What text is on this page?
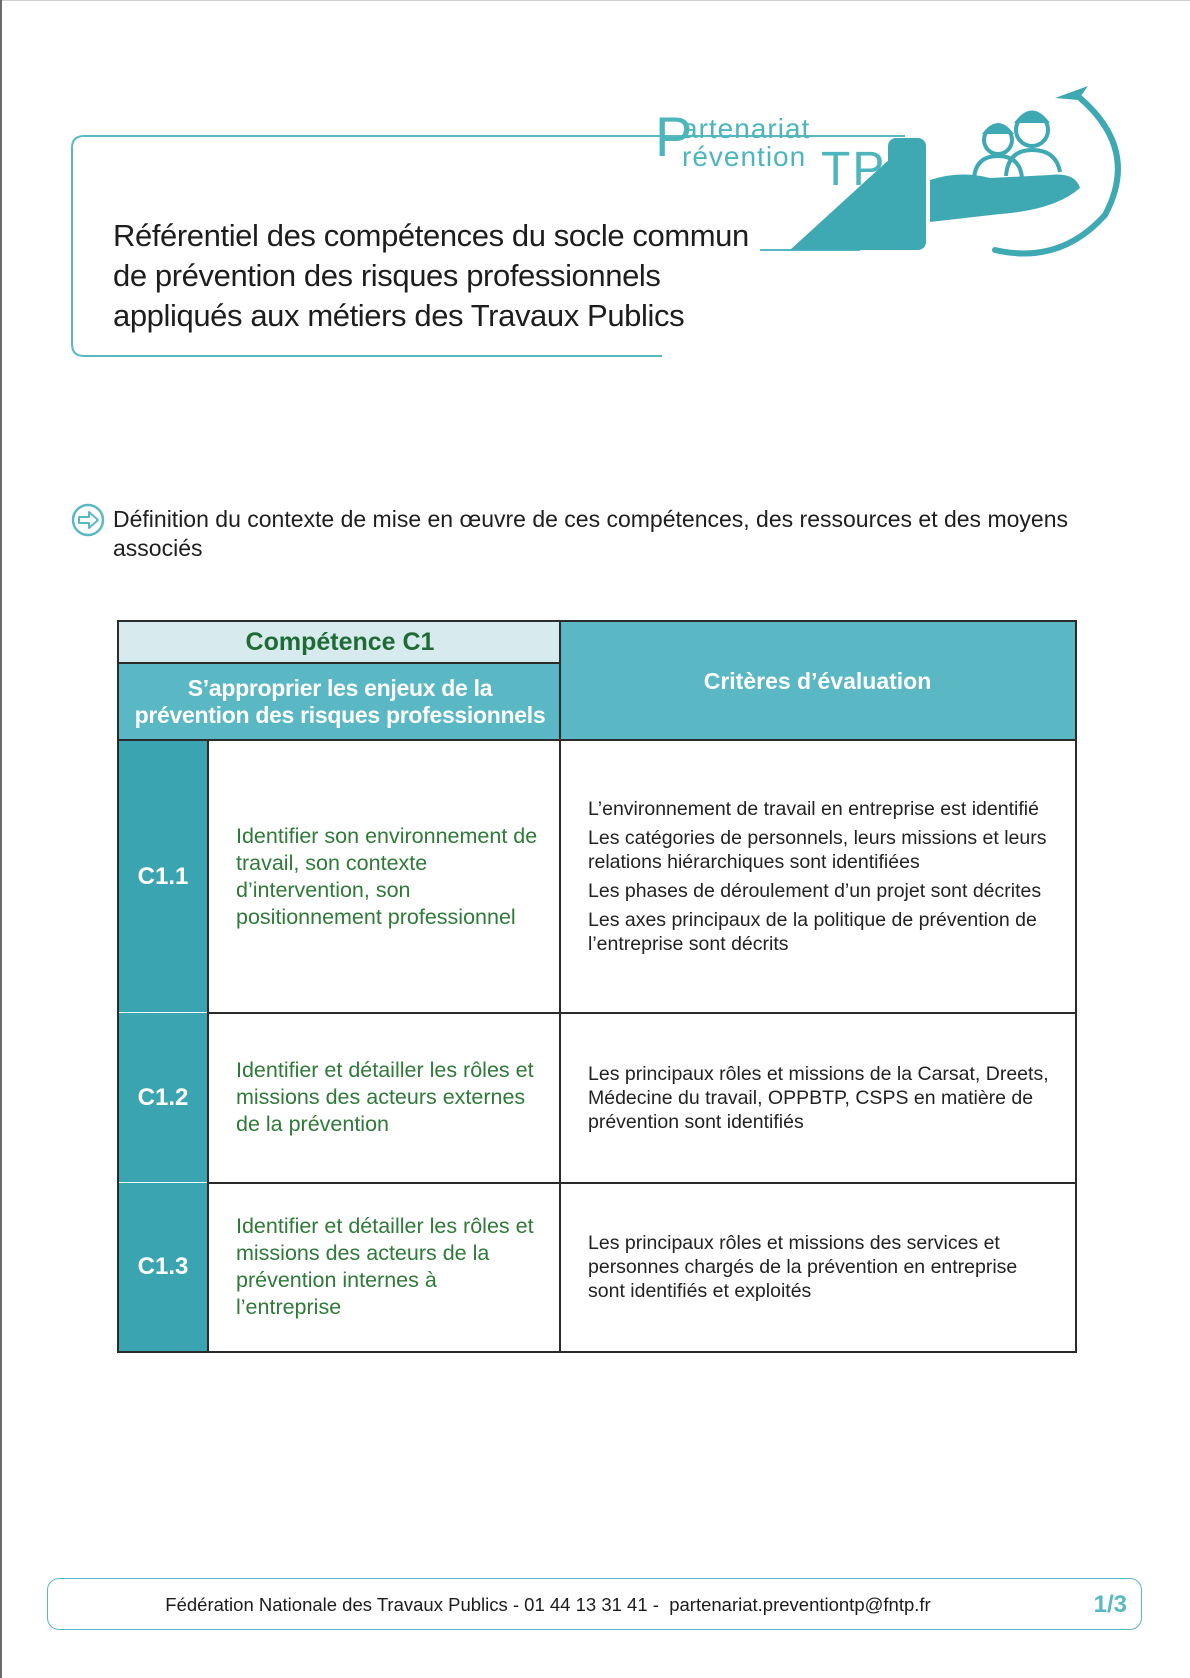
P
artenariat
révention TP
Référentiel des compétences du socle commun
de prévention des risques professionnels
appliqués aux métiers des Travaux Publics
Définition du contexte de mise en œuvre de ces compétences, des ressources et des moyens associés
Compétence C1
S’approprier les enjeux de la
prévention des risques professionnels
Critères d’évaluation
C1.1
Identifier son environnement de travail, son contexte d’intervention, son positionnement professionnel

L’environnement de travail en entreprise est identifié

Les catégories de personnels, leurs missions et leurs relations hiérarchiques sont identifiées

Les phases de déroulement d’un projet sont décrites

Les axes principaux de la politique de prévention de l’entreprise sont décrits

C1.2
Identifier et détailler les rôles et missions des acteurs externes de la prévention

Les principaux rôles et missions de la Carsat, Dreets, Médecine du travail, OPPBTP, CSPS en matière de prévention sont identifiés

C1.3
Identifier et détailler les rôles et missions des acteurs de la prévention internes à l’entreprise

Les principaux rôles et missions des services et personnes chargés de la prévention en entreprise sont identifiés et exploités

Fédération Nationale des Travaux Publics - 01 44 13 31 41 -  partenariat.preventiontp@fntp.fr	1/3
